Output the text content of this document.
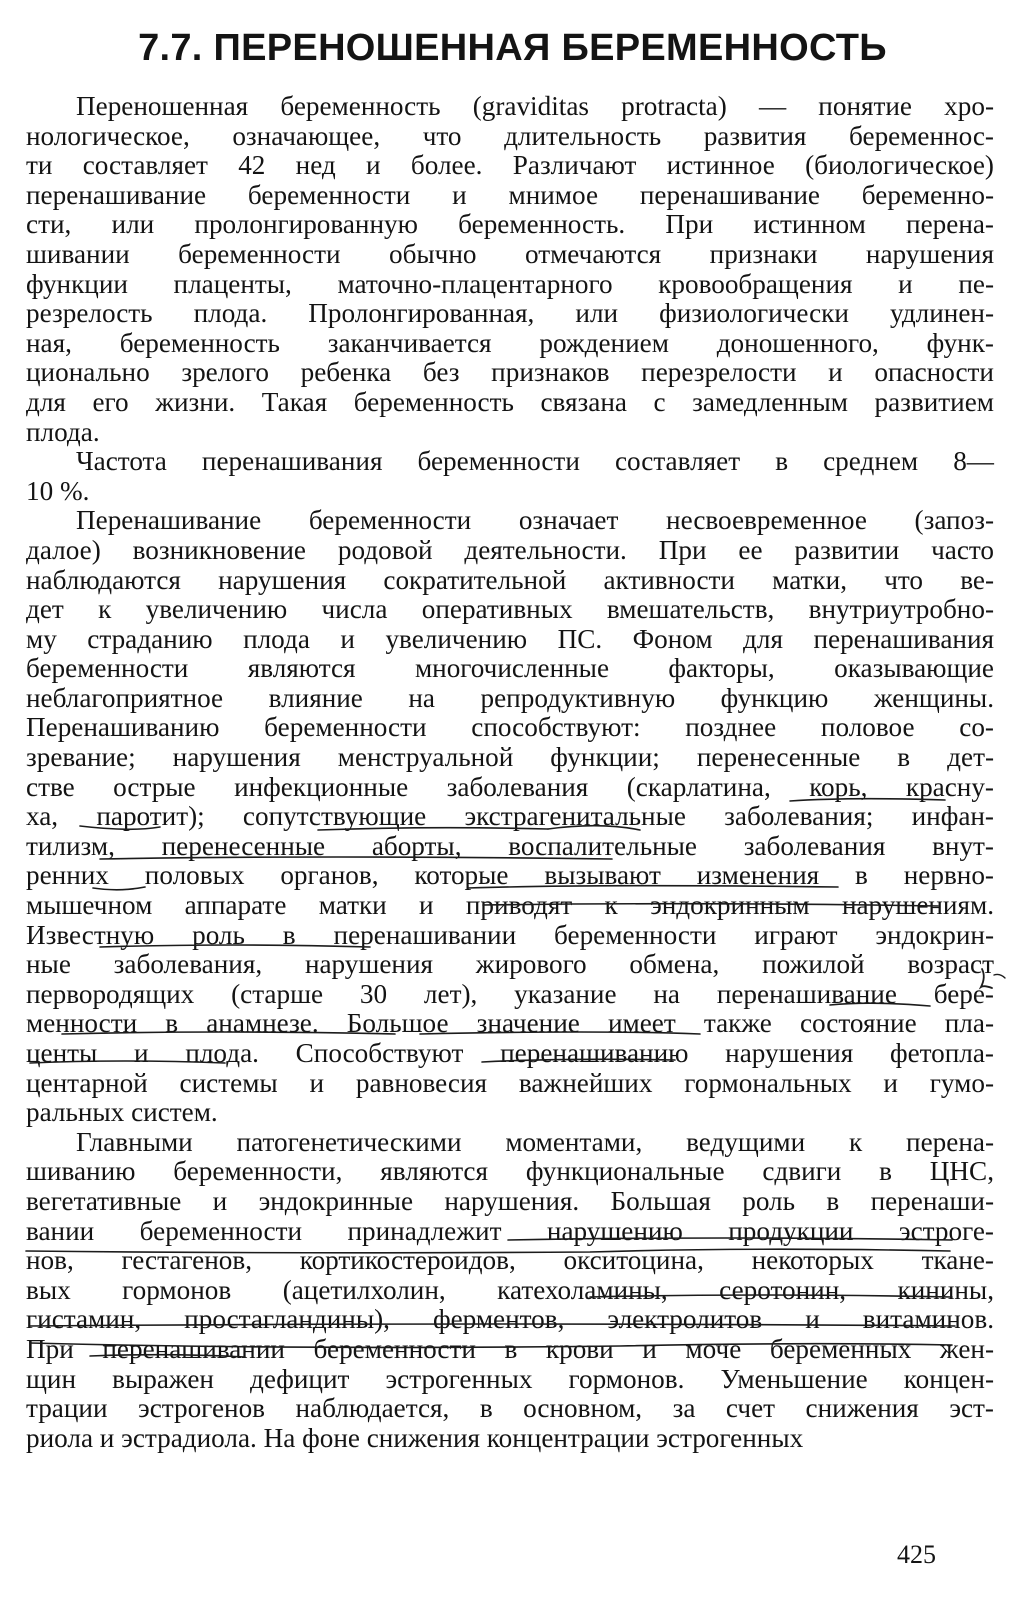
7.7. ПЕРЕНОШЕННАЯ БЕРЕМЕННОСТЬ
Переношенная беременность (graviditas protracta) — понятие хро-
нологическое, означающее, что длительность развития беременнос-
ти составляет 42 нед и более. Различают истинное (биологическое)
перенашивание беременности и мнимое перенашивание беременно-
сти, или пролонгированную беременность. При истинном перена-
шивании беременности обычно отмечаются признаки нарушения
функции плаценты, маточно-плацентарного кровообращения и пе-
резрелость плода. Пролонгированная, или физиологически удлинен-
ная, беременность заканчивается рождением доношенного, функ-
ционально зрелого ребенка без признаков перезрелости и опасности
для его жизни. Такая беременность связана с замедленным развитием
плода.
Частота перенашивания беременности составляет в среднем 8—
10 %.
Перенашивание беременности означает несвоевременное (запоз-
далое) возникновение родовой деятельности. При ее развитии часто
наблюдаются нарушения сократительной активности матки, что ве-
дет к увеличению числа оперативных вмешательств, внутриутробно-
му страданию плода и увеличению ПС. Фоном для перенашивания
беременности являются многочисленные факторы, оказывающие
неблагоприятное влияние на репродуктивную функцию женщины.
Перенашиванию беременности способствуют: позднее половое со-
зревание; нарушения менструальной функции; перенесенные в дет-
стве острые инфекционные заболевания (скарлатина, корь, красну-
ха, паротит); сопутствующие экстрагенитальные заболевания; инфан-
тилизм, перенесенные аборты, воспалительные заболевания внут-
ренних половых органов, которые вызывают изменения в нервно-
мышечном аппарате матки и приводят к эндокринным нарушениям.
Известную роль в перенашивании беременности играют эндокрин-
ные заболевания, нарушения жирового обмена, пожилой возраст
первородящих (старше 30 лет), указание на перенашивание бере-
менности в анамнезе. Большое значение имеет также состояние пла-
центы и плода. Способствуют перенашиванию нарушения фетопла-
центарной системы и равновесия важнейших гормональных и гумо-
ральных систем.
Главными патогенетическими моментами, ведущими к перена-
шиванию беременности, являются функциональные сдвиги в ЦНС,
вегетативные и эндокринные нарушения. Большая роль в перенаши-
вании беременности принадлежит нарушению продукции эстроге-
нов, гестагенов, кортикостероидов, окситоцина, некоторых ткане-
вых гормонов (ацетилхолин, катехоламины, серотонин, кинины,
гистамин, простагландины), ферментов, электролитов и витаминов.
При перенашивании беременности в крови и моче беременных жен-
щин выражен дефицит эстрогенных гормонов. Уменьшение концен-
трации эстрогенов наблюдается, в основном, за счет снижения эст-
риола и эстрадиола. На фоне снижения концентрации эстрогенных

425
